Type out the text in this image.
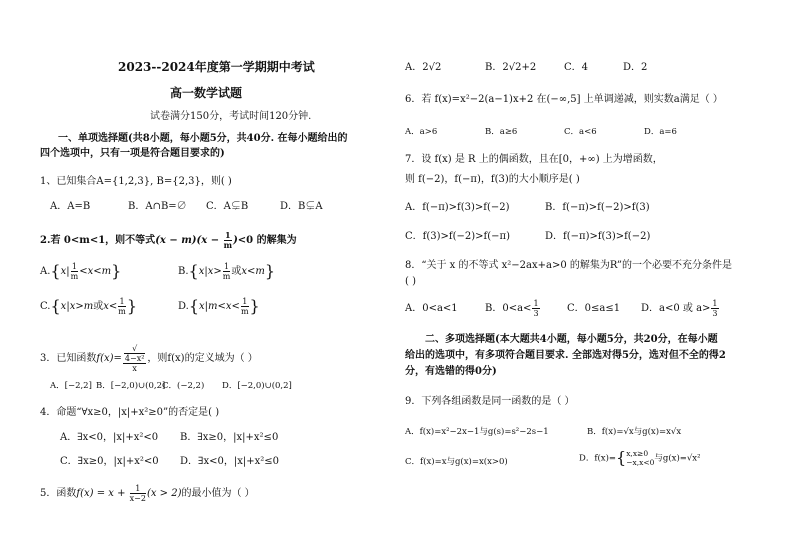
2023--2024年度第一学期期中考试
高一数学试题
试卷满分150分，考试时间120分钟.
一、单项选择题(共8小题，每小题5分，共40分. 在每小题给出的
四个选项中，只有一项是符合题目要求的)
1、已知集合A={1,2,3}, B={2,3}，则( )
A．A=B	B．A∩B=∅ C．A⊊B	D．B⊊A
2.若 0<m<1，则不等式$(x - m)(x - \frac{1}{m} )<0$ 的解集为
$A.\{x| \frac{1}{m} <x<m\}$	$B.\{x|x> \frac{1}{m}$ 或x<m}
C.{x|x>m或$x< \frac{1}{m}$ }	$D.\{x|m<x< \frac{1}{m}$ }
3．已知函数f(x)= √
4−x²
x ，则f(x)的定义域为（ ）
A．[−2,2] B．[−2,0)∪(0,2]
C．(−2,2) D．[−2,0)∪(0,2]
4．命题“∀x≥0，|x|+x²≥0”的否定是( )
A．∃x<0，|x|+x²<0 B．∃x≥0，|x|+x²≤0
C．∃x≥0，|x|+x²<0 D．∃x<0，|x|+x²≤0
5．函数$f(x) = x + \frac{1}{x-2} (x > 2)$的最小值为（ ）
A．2√2	B．2√2+2	C．4	D．2
6．若 f(x)=x²−2(a−1)x+2 在(−∞,5] 上单调递减，则实数a满足（ ）
A．a>6	B．a≥6	C．a<6	D．a=6
7．设 f(x) 是 R 上的偶函数，且在[0，+∞) 上为增函数，
则 f(−2)，f(−π)，f(3)的大小顺序是( )
A．f(−π)>f(3)>f(−2)	B．f(−π)>f(−2)>f(3)
C．f(3)>f(−2)>f(−π)	D．f(−π)>f(3)>f(−2)
8．“关于 x 的不等式 x²−2ax+a>0 的解集为R”的一个必要不充分条件是
( )
A．0<a<1	B．$0<a< \frac{1}{3}$	C．0≤a≤1 D．a<0 或 $a> \frac{1}{3}$
二、多项选择题(本大题共4小题，每小题5分，共20分，在每小题
给出的选项中，有多项符合题目要求. 全部选对得5分，选对但不全的得2
分，有选错的得0分)
9．下列各组函数是同一函数的是（ ）
A．f(x)=x²−2x−1与g(s)=s²−2s−1	B．f(x)=√x与g(x)=x√x
C．f(x)=x与g(x)=x(x>0)	D．f(x)={ x,x≥0
−x,x<0 与g(x)=√x²
